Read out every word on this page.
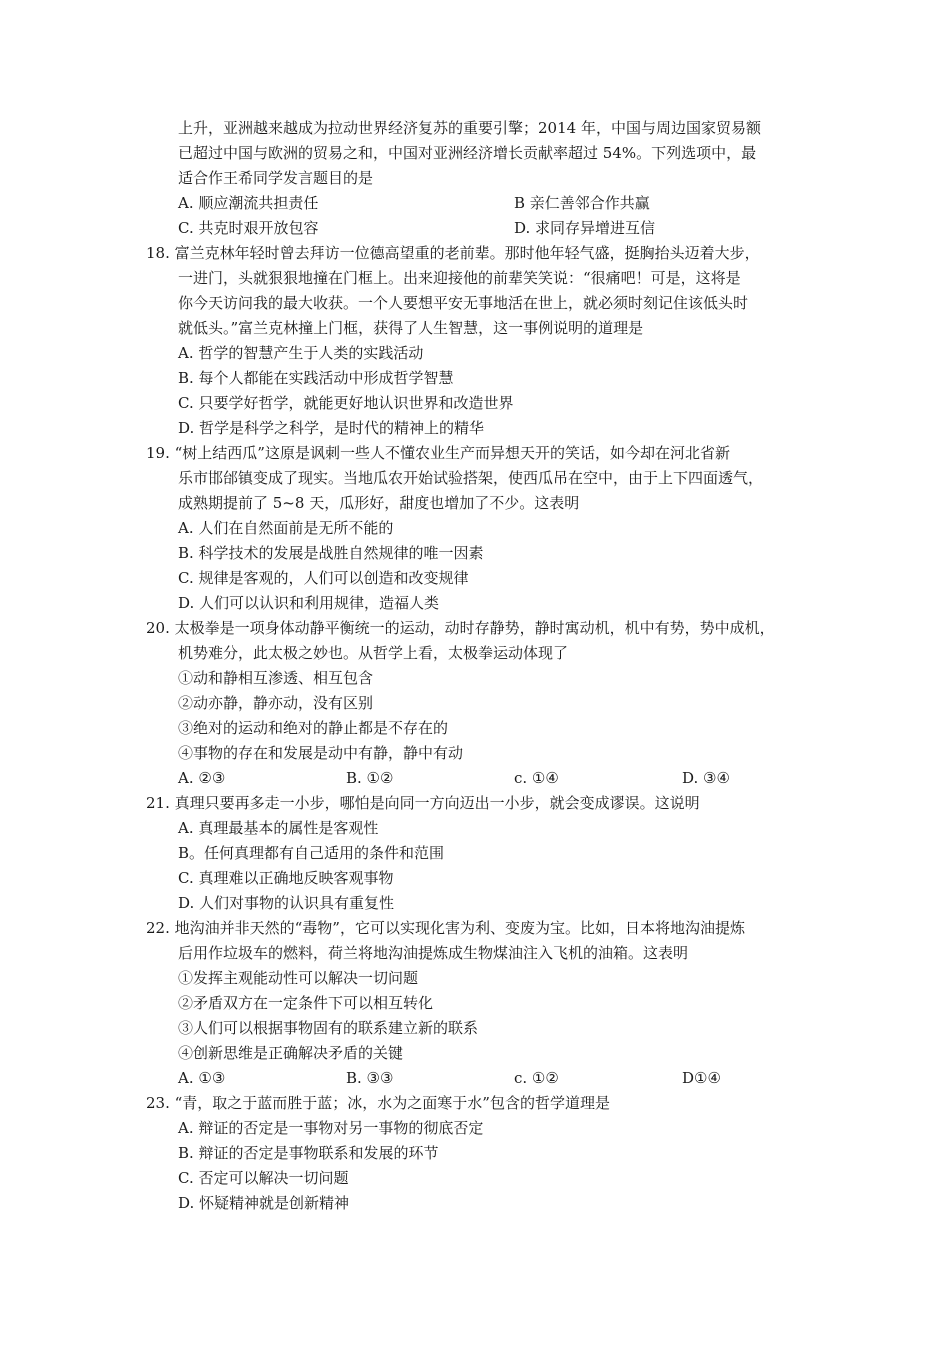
上升，亚洲越来越成为拉动世界经济复苏的重要引擎；2014 年，中国与周边国家贸易额
已超过中国与欧洲的贸易之和，中国对亚洲经济增长贡献率超过 54%。下列选项中，最
适合作王希同学发言题目的是
A. 顺应潮流共担责任	B 亲仁善邻合作共赢
C. 共克时艰开放包容	D. 求同存异增进互信
18. 富兰克林年轻时曾去拜访一位德高望重的老前辈。那时他年轻气盛，挺胸抬头迈着大步，
一进门，头就狠狠地撞在门框上。出来迎接他的前辈笑笑说：“很痛吧！可是，这将是
你今天访问我的最大收获。一个人要想平安无事地活在世上，就必须时刻记住该低头时
就低头。”富兰克林撞上门框，获得了人生智慧，这一事例说明的道理是
A. 哲学的智慧产生于人类的实践活动
B. 每个人都能在实践活动中形成哲学智慧
C. 只要学好哲学，就能更好地认识世界和改造世界
D. 哲学是科学之科学，是时代的精神上的精华
19. “树上结西瓜”这原是讽刺一些人不懂农业生产而异想天开的笑话，如今却在河北省新
乐市邯邰镇变成了现实。当地瓜农开始试验搭架，使西瓜吊在空中，由于上下四面透气，
成熟期提前了 5~8 天，瓜形好，甜度也增加了不少。这表明
A. 人们在自然面前是无所不能的
B. 科学技术的发展是战胜自然规律的唯一因素
C. 规律是客观的，人们可以创造和改变规律
D. 人们可以认识和利用规律，造福人类
20. 太极拳是一项身体动静平衡统一的运动，动时存静势，静时寓动机，机中有势，势中成机，
机势难分，此太极之妙也。从哲学上看，太极拳运动体现了
①动和静相互渗透、相互包含
②动亦静，静亦动，没有区别
③绝对的运动和绝对的静止都是不存在的
④事物的存在和发展是动中有静，静中有动
A. ②③	B. ①②	c. ①④	D. ③④
21. 真理只要再多走一小步，哪怕是向同一方向迈出一小步，就会变成谬误。这说明
A. 真理最基本的属性是客观性
B。任何真理都有自己适用的条件和范围
C. 真理难以正确地反映客观事物
D. 人们对事物的认识具有重复性
22. 地沟油并非天然的“毒物”，它可以实现化害为利、变废为宝。比如，日本将地沟油提炼
后用作垃圾车的燃料，荷兰将地沟油提炼成生物煤油注入飞机的油箱。这表明
①发挥主观能动性可以解决一切问题
②矛盾双方在一定条件下可以相互转化
③人们可以根据事物固有的联系建立新的联系
④创新思维是正确解决矛盾的关键
A. ①③	B. ③③	c. ①②	D①④
23. “青，取之于蓝而胜于蓝；冰，水为之面寒于水”包含的哲学道理是
A. 辩证的否定是一事物对另一事物的彻底否定
B. 辩证的否定是事物联系和发展的环节
C. 否定可以解决一切问题
D. 怀疑精神就是创新精神
